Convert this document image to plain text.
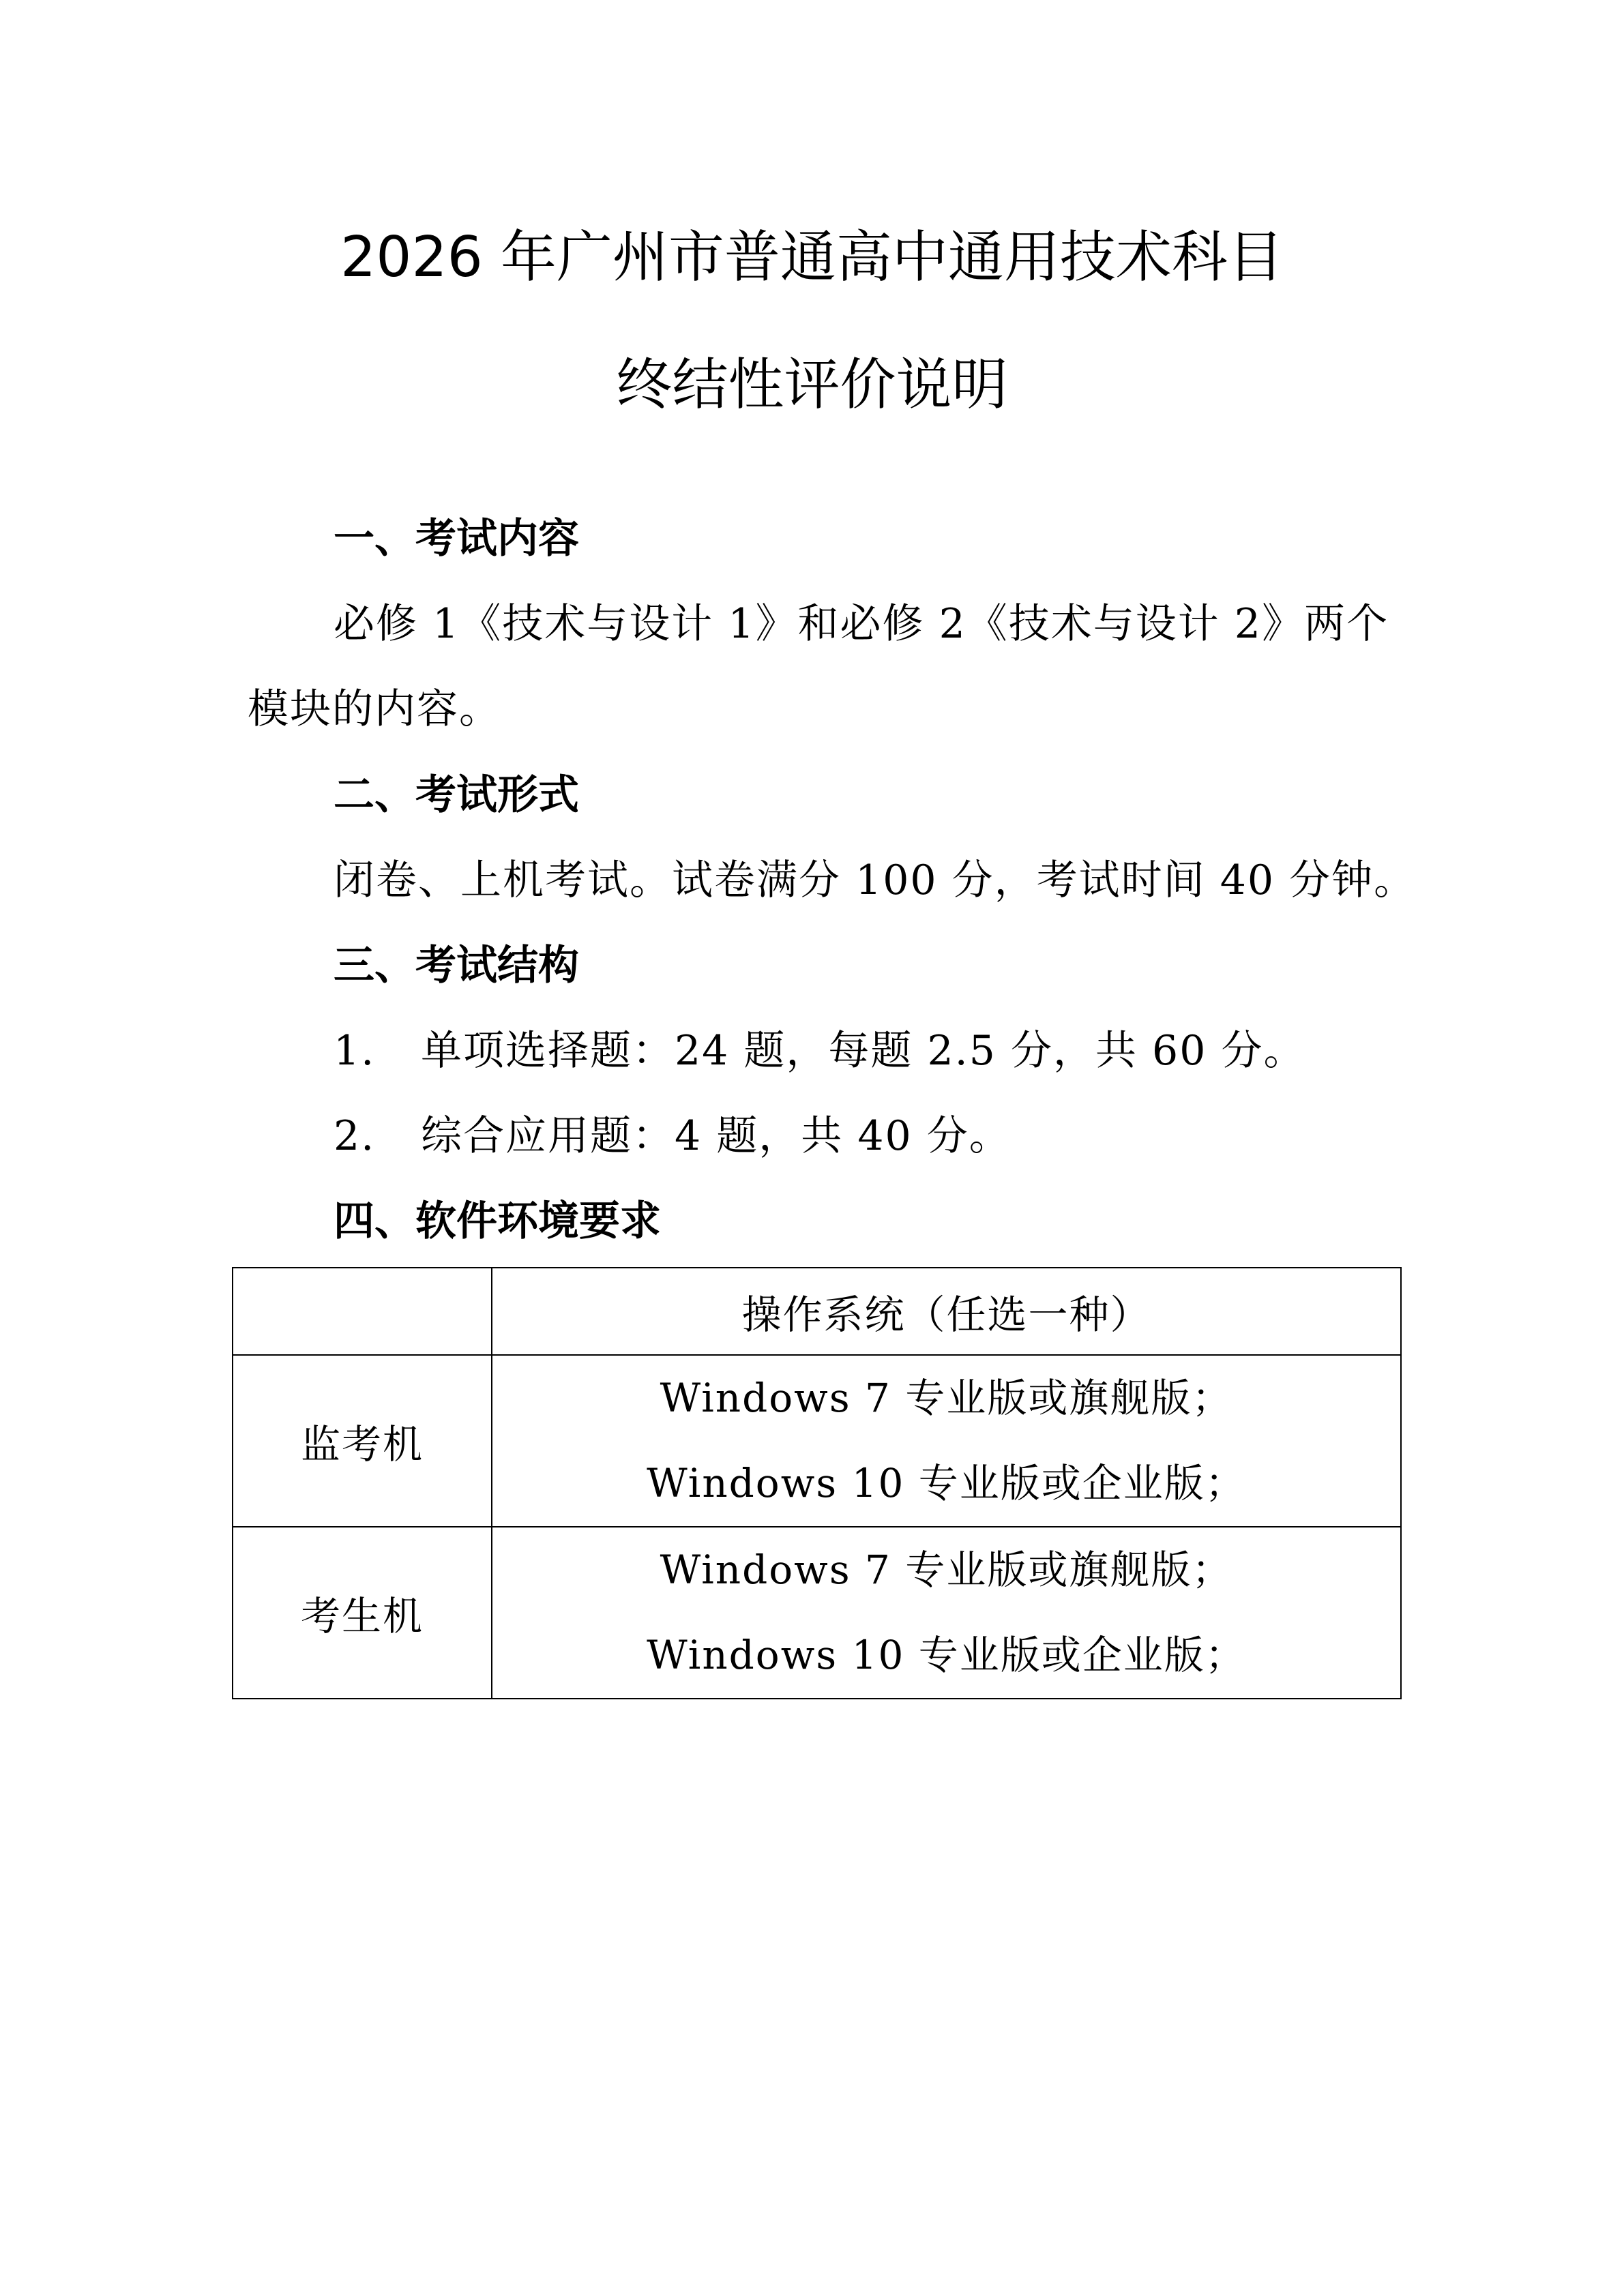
2026 年广州市普通高中通用技术科目
终结性评价说明
一、考试内容

必修 1《技术与设计 1》和必修 2《技术与设计 2》两个

模块的内容。

二、考试形式

闭卷、上机考试。试卷满分 100 分，考试时间 40 分钟。

三、考试结构

1. 单项选择题：24 题，每题 2.5 分，共 60 分。

2. 综合应用题：4 题，共 40 分。

四、软件环境要求
	操作系统（任选一种）
监考机	Windows 7 专业版或旗舰版；
Windows 10 专业版或企业版；

考生机	Windows 7 专业版或旗舰版；
Windows 10 专业版或企业版；
